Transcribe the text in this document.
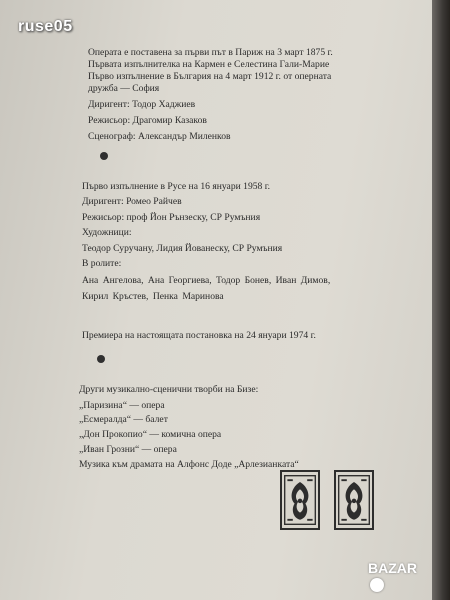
ruse05
Операта е поставена за първи път в Париж на 3 март 1875 г.
Първата изпълнителка на Кармен е Селестина Гали-Марие
Първо изпълнение в България на 4 март 1912 г. от оперната
дружба — София
Диригент: Тодор Хаджиев
Режисьор: Драгомир Казаков
Сценограф: Александър Миленков
Първо изпълнение в Русе на 16 януари 1958 г.
Диригент: Ромео Райчев
Режисьор: проф Йон Рънзеску, СР Румъния
Художници:
Теодор Суручану, Лидия Йованеску, СР Румъния
В ролите:
Ана Ангелова, Ана Георгиева, Тодор Бонев, Иван Димов,
Кирил Кръстев, Пенка Маринова
Премиера на настоящата постановка на 24 януари 1974 г.
Други музикално-сценични творби на Бизе:
„Паризина“ — опера
„Есмералда“ — балет
„Дон Прокопио“ — комична опера
„Иван Грозни“ — опера
Музика към драмата на Алфонс Доде „Арлезианката“
BAZAR
